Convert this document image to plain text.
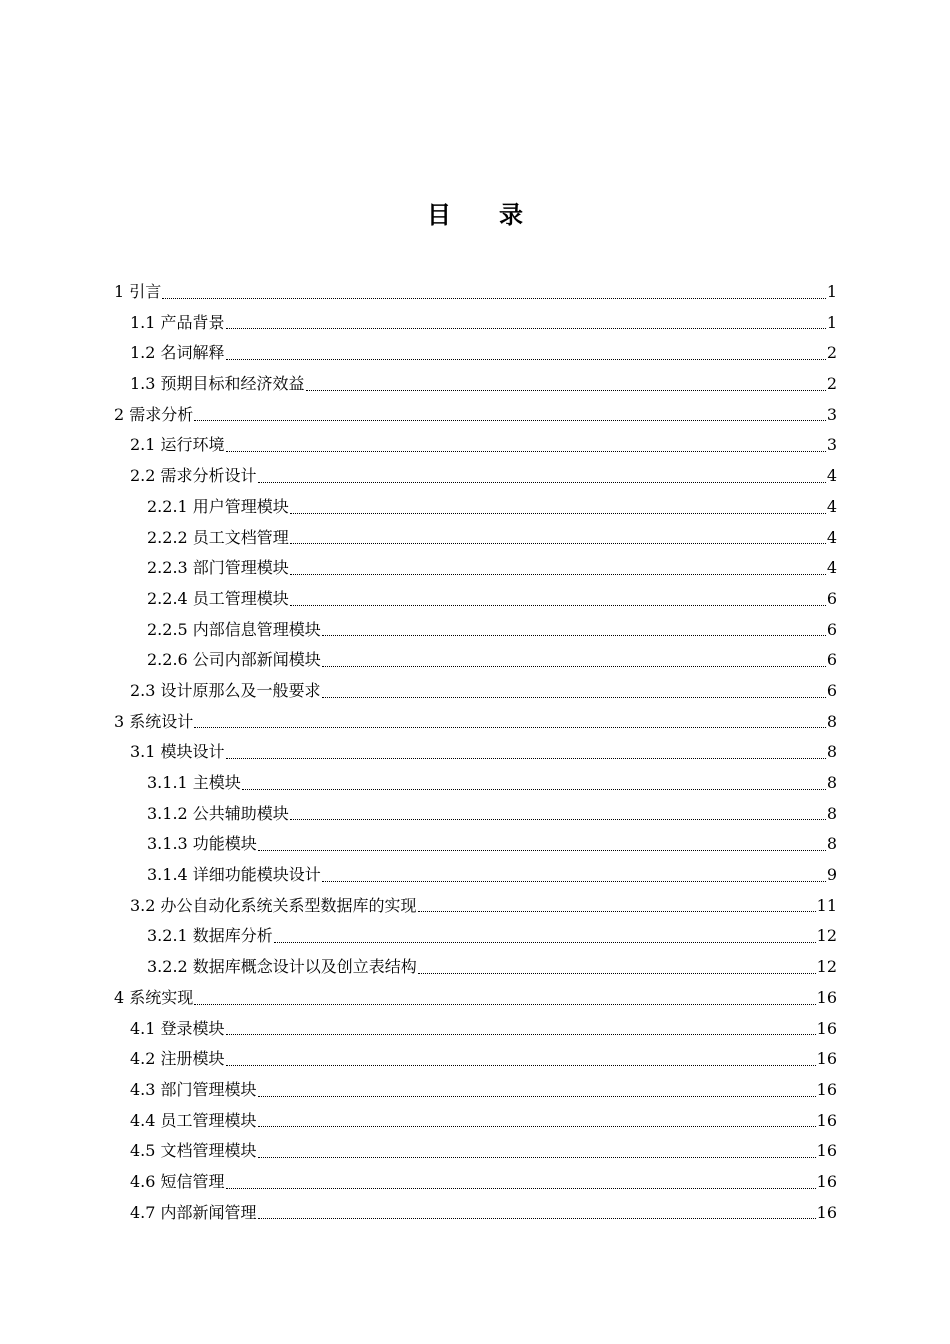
目录
1 引言	1
1.1 产品背景	1
1.2 名词解释	2
1.3 预期目标和经济效益	2
2 需求分析	3
2.1 运行环境	3
2.2 需求分析设计	4
2.2.1 用户管理模块	4
2.2.2 员工文档管理	4
2.2.3 部门管理模块	4
2.2.4 员工管理模块	6
2.2.5 内部信息管理模块	6
2.2.6 公司内部新闻模块	6
2.3 设计原那么及一般要求	6
3 系统设计	8
3.1 模块设计	8
3.1.1 主模块	8
3.1.2 公共辅助模块	8
3.1.3 功能模块	8
3.1.4 详细功能模块设计	9
3.2 办公自动化系统关系型数据库的实现	11
3.2.1 数据库分析	12
3.2.2 数据库概念设计以及创立表结构	12
4 系统实现	16
4.1 登录模块	16
4.2 注册模块	16
4.3 部门管理模块	16
4.4 员工管理模块	16
4.5 文档管理模块	16
4.6 短信管理	16
4.7 内部新闻管理	16
